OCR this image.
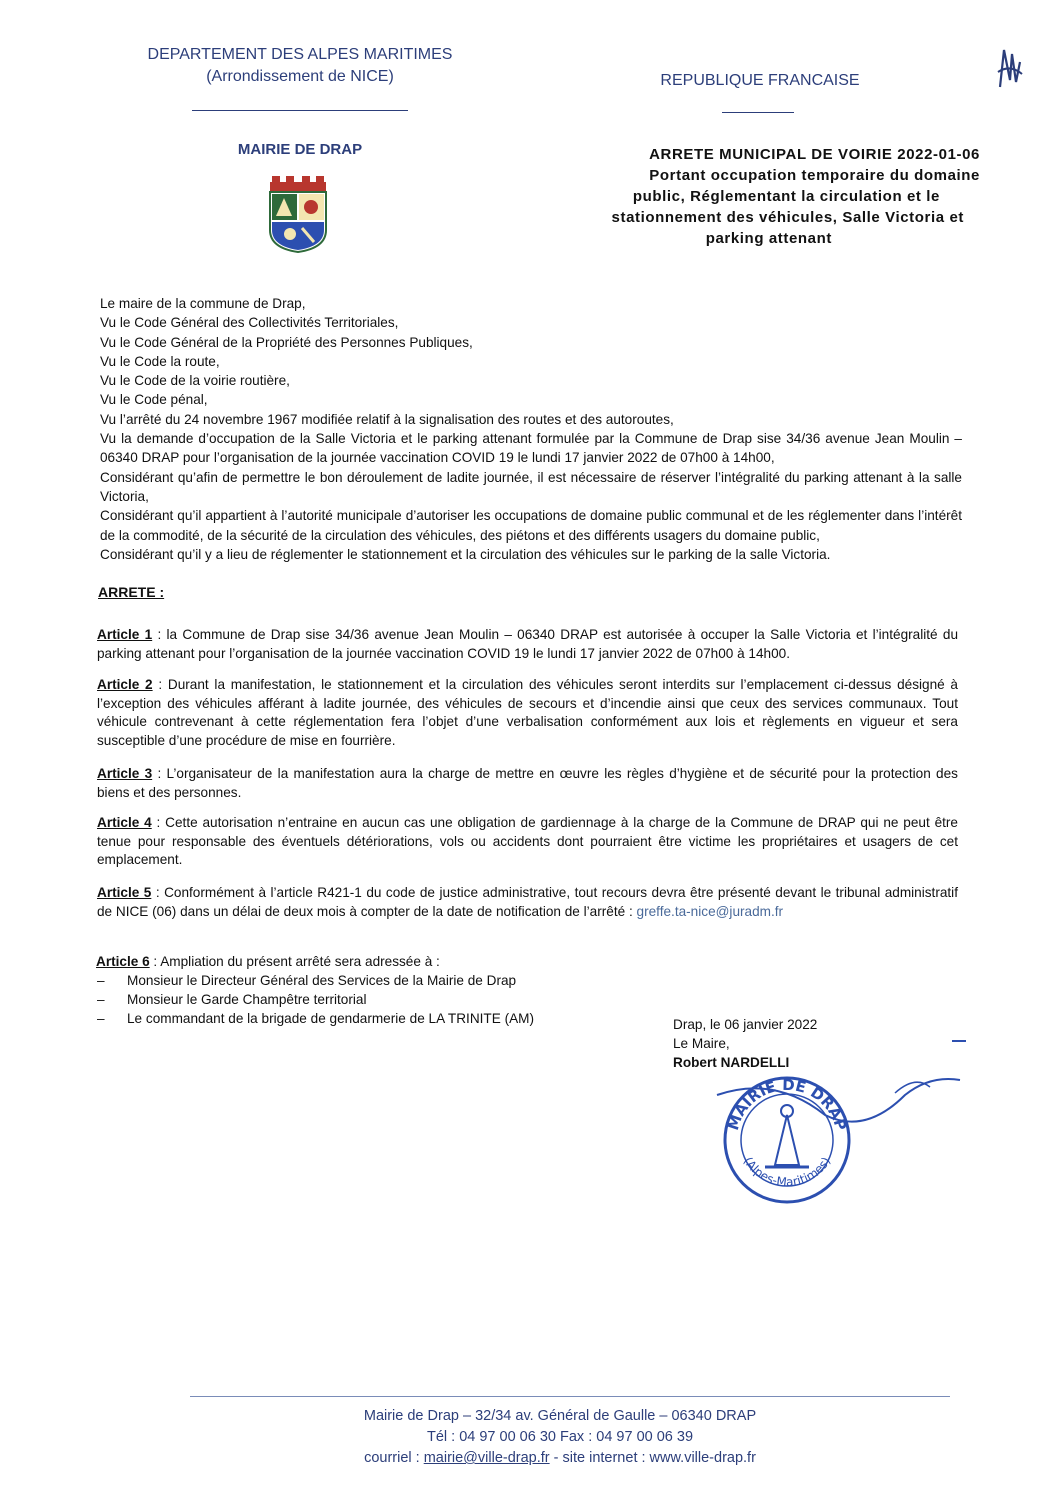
DEPARTEMENT DES ALPES MARITIMES
(Arrondissement de NICE)	REPUBLIQUE FRANCAISE
MAIRIE DE DRAP	ARRETE MUNICIPAL DE VOIRIE 2022-01-06
Portant occupation temporaire du domaine
public, Réglementant la circulation et le
stationnement des véhicules, Salle Victoria et
parking attenant
Le maire de la commune de Drap,
Vu le Code Général des Collectivités Territoriales,
Vu le Code Général de la Propriété des Personnes Publiques,
Vu le Code la route,
Vu le Code de la voirie routière,
Vu le Code pénal,
Vu l’arrêté du 24 novembre 1967 modifiée relatif à la signalisation des routes et des autoroutes,
Vu la demande d’occupation de la Salle Victoria et le parking attenant formulée par la Commune de Drap sise 34/36 avenue Jean Moulin – 06340 DRAP pour l’organisation de la journée vaccination COVID 19 le lundi 17 janvier 2022 de 07h00 à 14h00,
Considérant qu’afin de permettre le bon déroulement de ladite journée, il est nécessaire de réserver l’intégralité du parking attenant à la salle Victoria,
Considérant qu’il appartient à l’autorité municipale d’autoriser les occupations de domaine public communal et de les réglementer dans l’intérêt de la commodité, de la sécurité de la circulation des véhicules, des piétons et des différents usagers du domaine public,
Considérant qu’il y a lieu de réglementer le stationnement et la circulation des véhicules sur le parking de la salle Victoria.
ARRETE :
Article 1 : la Commune de Drap sise 34/36 avenue Jean Moulin – 06340 DRAP est autorisée à occuper la Salle Victoria et l’intégralité du parking attenant pour l’organisation de la journée vaccination COVID 19 le lundi 17 janvier 2022 de 07h00 à 14h00.
Article 2 : Durant la manifestation, le stationnement et la circulation des véhicules seront interdits sur l’emplacement ci-dessus désigné à l’exception des véhicules afférant à ladite journée, des véhicules de secours et d’incendie ainsi que ceux des services communaux. Tout véhicule contrevenant à cette réglementation fera l’objet d’une verbalisation conformément aux lois et règlements en vigueur et sera susceptible d’une procédure de mise en fourrière.
Article 3 : L’organisateur de la manifestation aura la charge de mettre en œuvre les règles d’hygiène et de sécurité pour la protection des biens et des personnes.
Article 4 : Cette autorisation n’entraine en aucun cas une obligation de gardiennage à la charge de la Commune de DRAP qui ne peut être tenue pour responsable des éventuels détériorations, vols ou accidents dont pourraient être victime les propriétaires et usagers de cet emplacement.
Article 5 : Conformément à l’article R421-1 du code de justice administrative, tout recours devra être présenté devant le tribunal administratif de NICE (06) dans un délai de deux mois à compter de la date de notification de l’arrêté : greffe.ta-nice@juradm.fr
Article 6 : Ampliation du présent arrêté sera adressée à :
– Monsieur le Directeur Général des Services de la Mairie de Drap
– Monsieur le Garde Champêtre territorial
– Le commandant de la brigade de gendarmerie de LA TRINITE (AM)	Drap, le 06 janvier 2022
Le Maire,
Robert NARDELLI
MAIRIE DE DRAP
(Alpes-Maritimes)
Mairie de Drap – 32/34 av. Général de Gaulle – 06340 DRAP
Tél : 04 97 00 06 30 Fax : 04 97 00 06 39
courriel : mairie@ville-drap.fr - site internet : www.ville-drap.fr
